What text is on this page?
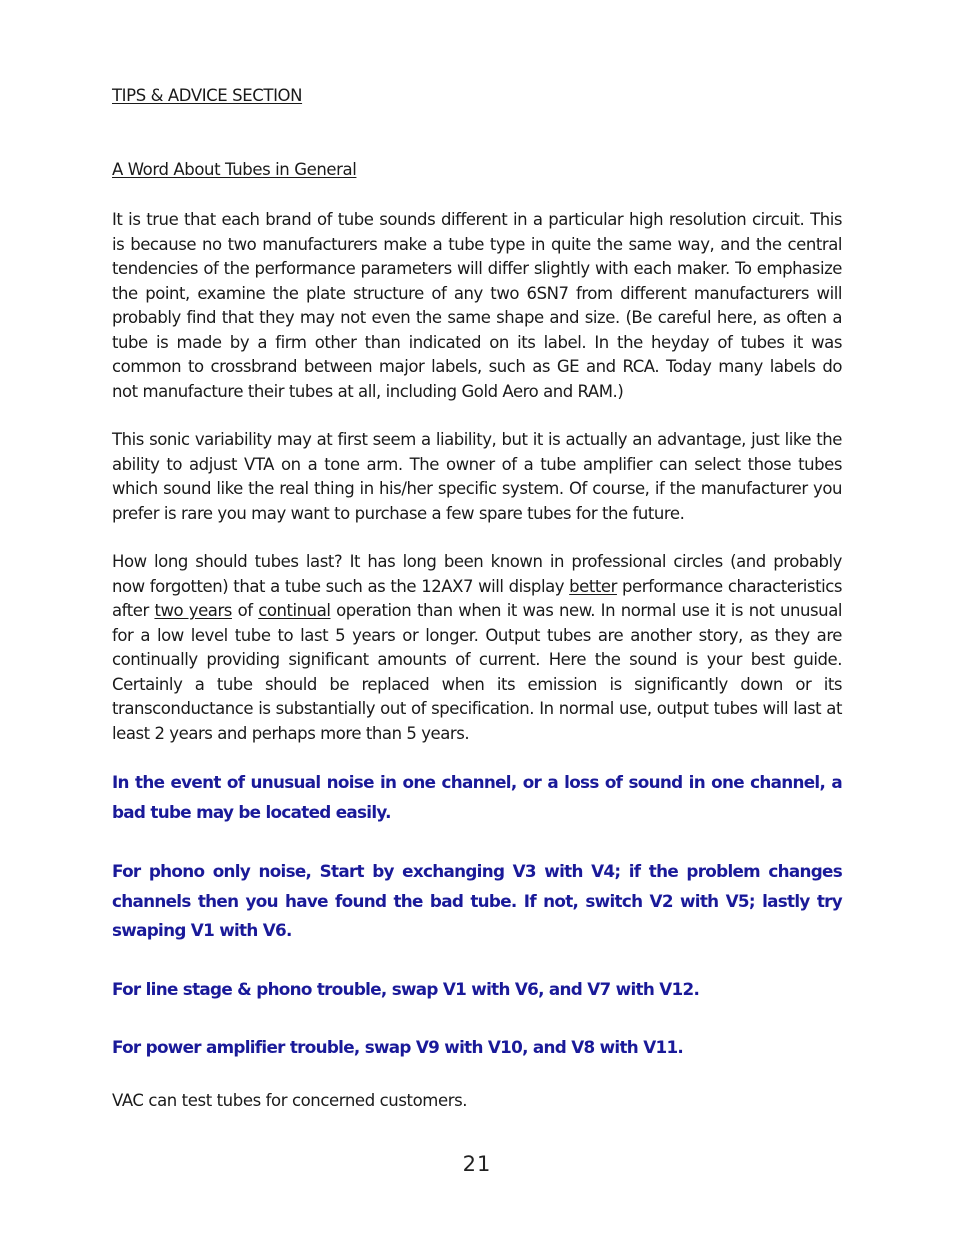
TIPS & ADVICE SECTION

A Word About Tubes in General

It is true that each brand of tube sounds different in a particular high resolution circuit. This is because no two manufacturers make a tube type in quite the same way, and the central tendencies of the performance parameters will differ slightly with each maker. To emphasize the point, examine the plate structure of any two 6SN7 from different manufacturers will probably find that they may not even the same shape and size. (Be careful here, as often a tube is made by a firm other than indicated on its label. In the heyday of tubes it was common to crossbrand between major labels, such as GE and RCA. Today many labels do not manufacture their tubes at all, including Gold Aero and RAM.)

This sonic variability may at first seem a liability, but it is actually an advantage, just like the ability to adjust VTA on a tone arm. The owner of a tube amplifier can select those tubes which sound like the real thing in his/her specific system. Of course, if the manufacturer you prefer is rare you may want to purchase a few spare tubes for the future.

How long should tubes last? It has long been known in professional circles (and probably now forgotten) that a tube such as the 12AX7 will display better performance characteristics after two years of continual operation than when it was new. In normal use it is not unusual for a low level tube to last 5 years or longer. Output tubes are another story, as they are continually providing significant amounts of current. Here the sound is your best guide. Certainly a tube should be replaced when its emission is significantly down or its transconductance is substantially out of specification. In normal use, output tubes will last at least 2 years and perhaps more than 5 years.

In the event of unusual noise in one channel, or a loss of sound in one channel, a bad tube may be located easily.

For phono only noise, Start by exchanging V3 with V4; if the problem changes channels then you have found the bad tube. If not, switch V2 with V5; lastly try swaping V1 with V6.

For line stage & phono trouble, swap V1 with V6, and V7 with V12.

For power amplifier trouble, swap V9 with V10, and V8 with V11.

VAC can test tubes for concerned customers.

21
